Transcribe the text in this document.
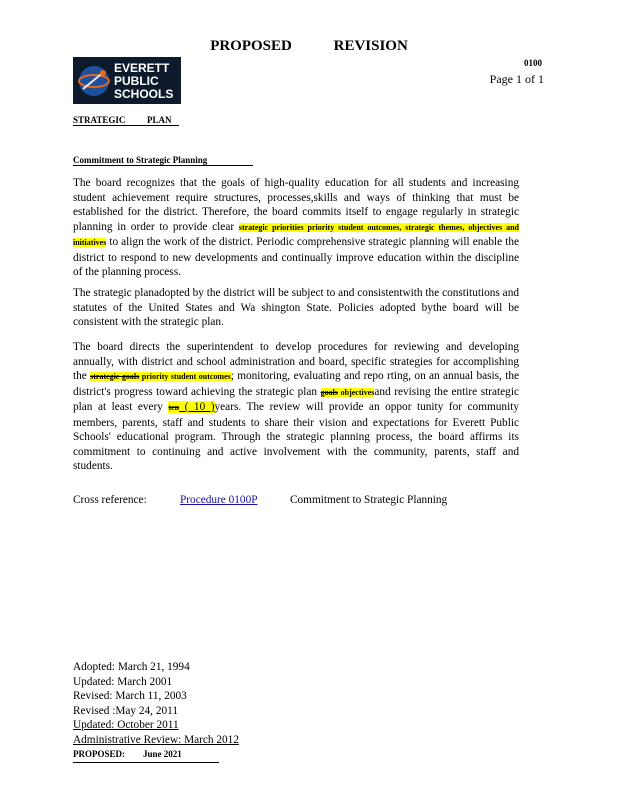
PROPOSED	REVISION
EVERETT
PUBLIC
SCHOOLS
0100
Page 1 of 1
STRATEGIC PLAN
Commitment to Strategic Planning
The board recognizes that the goals of high-quality education for all students and increasing student achievement require structures, processes,skills and ways of thinking that must be established for the district. Therefore, the board commits itself to engage regularly in strategic planning in order to provide clear strategic priorities priority student outcomes, strategic themes, objectives and initiatives to align the work of the district. Periodic comprehensive strategic planning will enable the district to respond to new developments and continually improve education within the discipline of the planning process.
The strategic planadopted by the district will be subject to and consistentwith the constitutions and statutes of the United States and Wa shington State. Policies adopted bythe board will be consistent with the strategic plan.
The board directs the superintendent to develop procedures for reviewing and developing annually, with district and school administration and board, specific strategies for accomplishing the strategic goals priority student outcomes; monitoring, evaluating and repo rting, on an annual basis, the district's progress toward achieving the strategic plan goals objectivesand revising the entire strategic plan at least every ten ( 10 )years. The review will provide an oppor tunity for community members, parents, staff and students to share their vision and expectations for Everett Public Schools' educational program. Through the strategic planning process, the board affirms its commitment to continuing and active involvement with the community, parents, staff and students.
Cross reference:	Procedure 0100P	Commitment to Strategic Planning
Adopted: March 21, 1994
Updated: March 2001
Revised: March 11, 2003
Revised :May 24, 2011
Updated: October 2011
Administrative Review: March 2012
PROPOSED: June 2021
